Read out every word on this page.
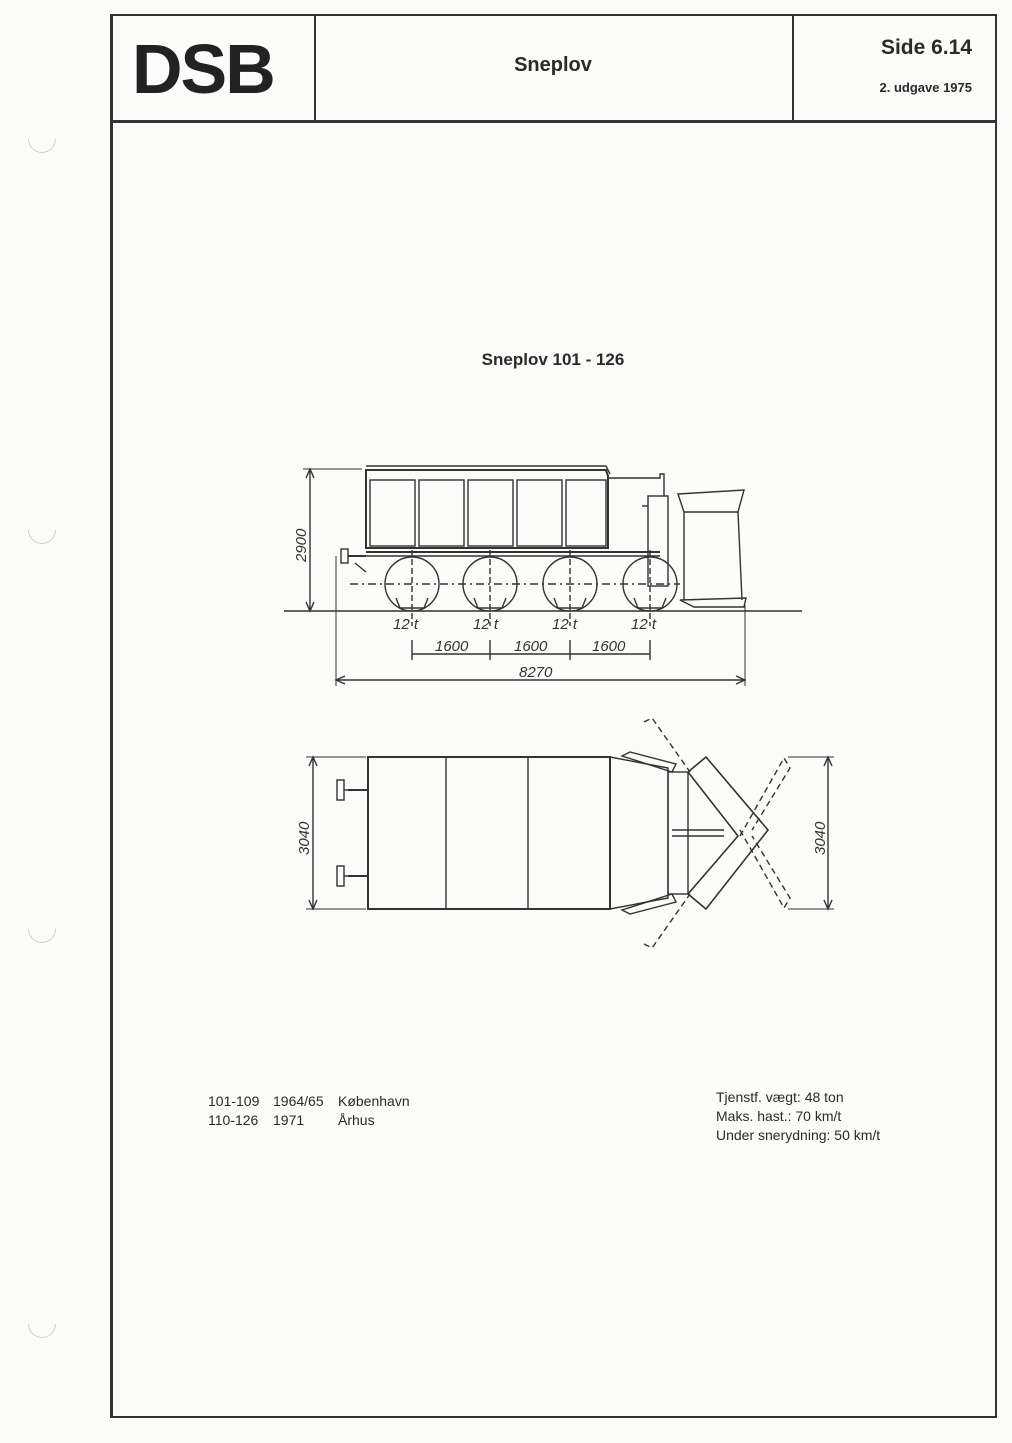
DSB	Sneplov
Side 6.14
2. udgave 1975
Sneplov 101 - 126
2900
12 t	12 t	12 t	12 t
1600	1600	1600
8270
3040	3040
101-109 1964/65 København
110-126 1971 Århus
Tjenstf. vægt: 48 ton
Maks. hast.: 70 km/t
Under snerydning: 50 km/t
